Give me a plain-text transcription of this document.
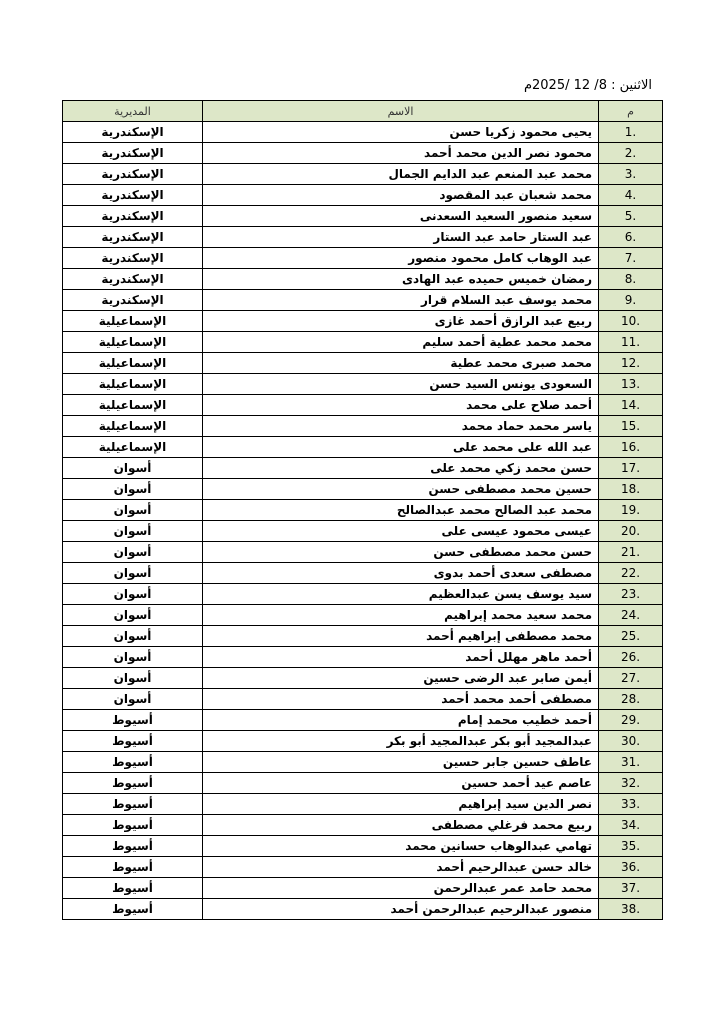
الاثنين : 8/ 12 /2025م
م	الاسم	المديرية
.1	يحيى محمود زكريا حسن	الإسكندرية
.2	محمود نصر الدين محمد أحمد	الإسكندرية
.3	محمد عبد المنعم عبد الدايم الجمال	الإسكندرية
.4	محمد شعبان عبد المقصود	الإسكندرية
.5	سعيد منصور السعيد السعدنى	الإسكندرية
.6	عبد الستار حامد عبد الستار	الإسكندرية
.7	عبد الوهاب كامل محمود منصور	الإسكندرية
.8	رمضان خميس حميده عبد الهادى	الإسكندرية
.9	محمد يوسف عبد السلام قرار	الإسكندرية
.10	ربيع عبد الرازق أحمد غازى	الإسماعيلية
.11	محمد محمد عطية أحمد سليم	الإسماعيلية
.12	محمد صبرى محمد عطية	الإسماعيلية
.13	السعودى يونس السيد حسن	الإسماعيلية
.14	أحمد صلاح على محمد	الإسماعيلية
.15	ياسر محمد حماد محمد	الإسماعيلية
.16	عبد الله على محمد على	الإسماعيلية
.17	حسن محمد زكي محمد على	أسوان
.18	حسين محمد مصطفى حسن	أسوان
.19	محمد عبد الصالح محمد عبدالصالح	أسوان
.20	عيسى محمود عيسى على	أسوان
.21	حسن محمد مصطفى حسن	أسوان
.22	مصطفى سعدى أحمد بدوى	أسوان
.23	سيد يوسف يسن عبدالعظيم	أسوان
.24	محمد سعيد محمد إبراهيم	أسوان
.25	محمد مصطفى إبراهيم أحمد	أسوان
.26	أحمد ماهر مهلل أحمد	أسوان
.27	أيمن صابر عبد الرضى حسين	أسوان
.28	مصطفى أحمد محمد أحمد	أسوان
.29	أحمد خطيب محمد إمام	أسيوط
.30	عبدالمجيد أبو بكر عبدالمجيد أبو بكر	أسيوط
.31	عاطف حسين جابر حسين	أسيوط
.32	عاصم عيد أحمد حسين	أسيوط
.33	نصر الدين سيد إبراهيم	أسيوط
.34	ربيع محمد فرغلي مصطفى	أسيوط
.35	تهامي عبدالوهاب حسانين محمد	أسيوط
.36	خالد حسن عبدالرحيم أحمد	أسيوط
.37	محمد حامد عمر عبدالرحمن	أسيوط
.38	منصور عبدالرحيم عبدالرحمن أحمد	أسيوط
